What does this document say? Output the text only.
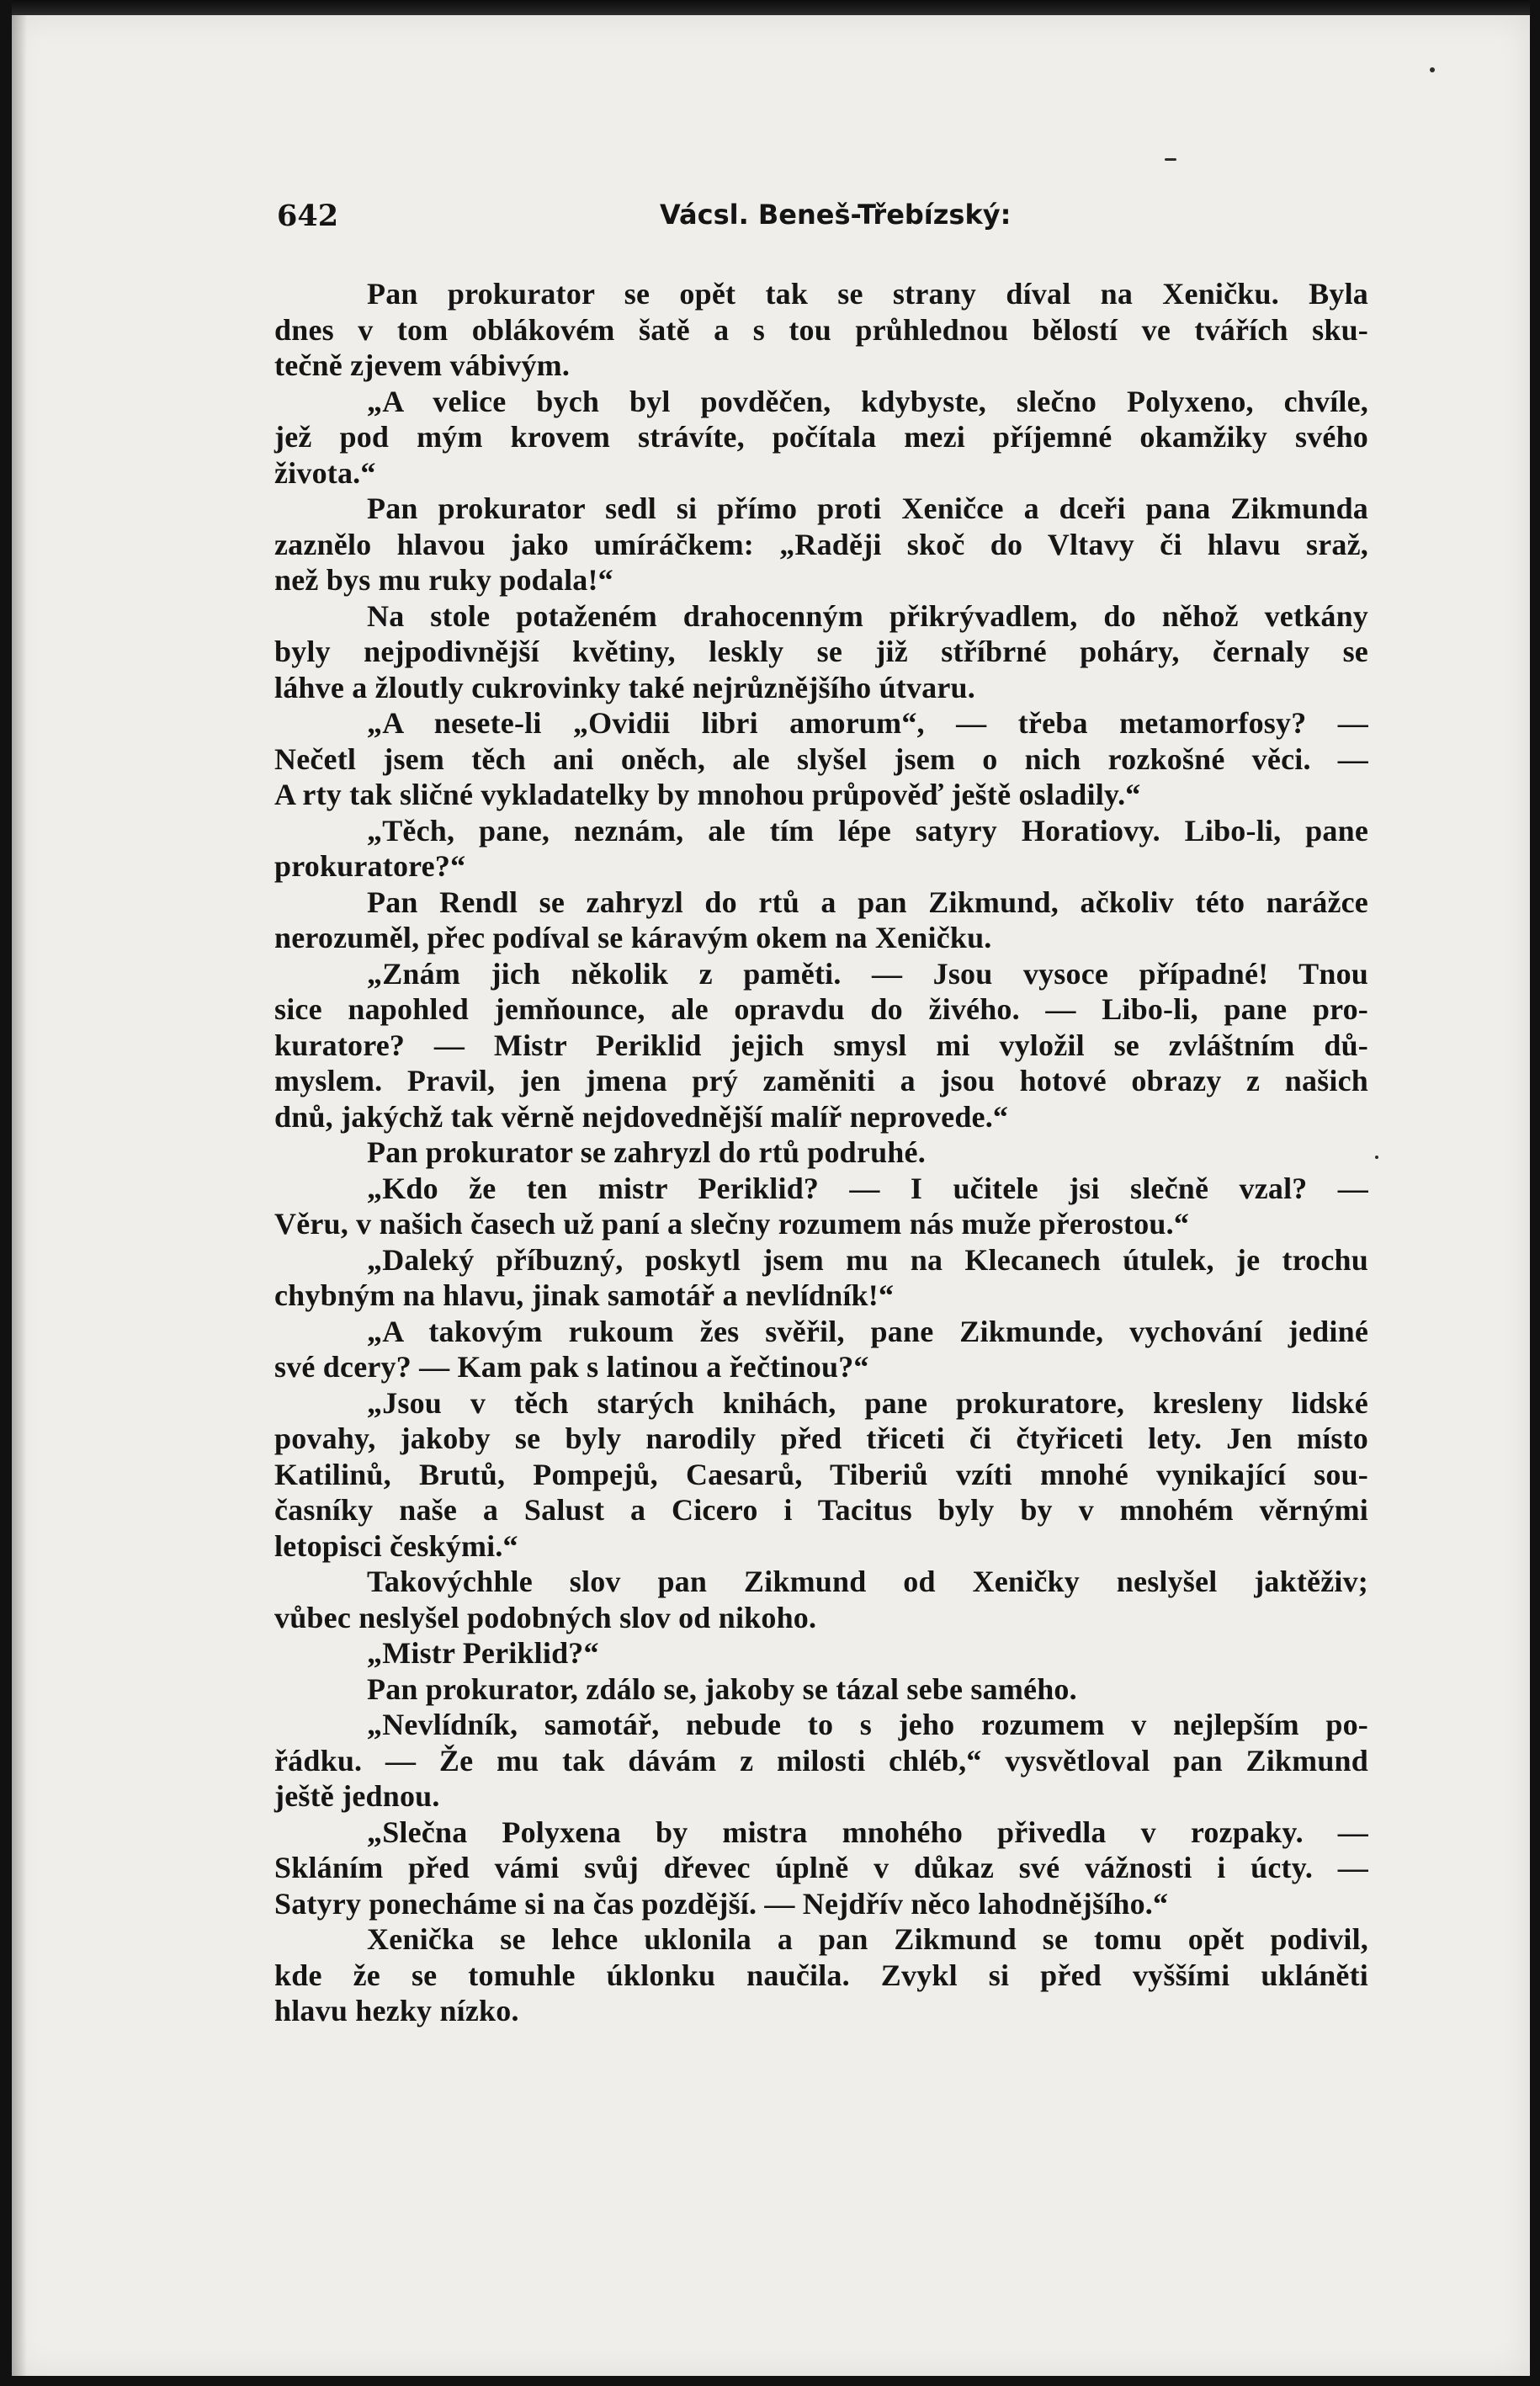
642	Vácsl. Beneš-Třebízský:
Pan prokurator se opět tak se strany díval na Xeničku. Byla
dnes v tom oblákovém šatě a s tou průhlednou bělostí ve tvářích sku-
tečně zjevem vábivým.
„A velice bych byl povděčen, kdybyste, slečno Polyxeno, chvíle,
jež pod mým krovem strávíte, počítala mezi příjemné okamžiky svého
života.“
Pan prokurator sedl si přímo proti Xeničce a dceři pana Zikmunda
zaznělo hlavou jako umíráčkem: „Raději skoč do Vltavy či hlavu sraž,
než bys mu ruky podala!“
Na stole potaženém drahocenným přikrývadlem, do něhož vetkány
byly nejpodivnější květiny, leskly se již stříbrné poháry, černaly se
láhve a žloutly cukrovinky také nejrůznějšího útvaru.
„A nesete-li „Ovidii libri amorum“, — třeba metamorfosy? —
Nečetl jsem těch ani oněch, ale slyšel jsem o nich rozkošné věci. —
A rty tak sličné vykladatelky by mnohou průpověď ještě osladily.“
„Těch, pane, neznám, ale tím lépe satyry Horatiovy. Libo-li, pane
prokuratore?“
Pan Rendl se zahryzl do rtů a pan Zikmund, ačkoliv této narážce
nerozuměl, přec podíval se káravým okem na Xeničku.
„Znám jich několik z paměti. — Jsou vysoce případné! Tnou
sice napohled jemňounce, ale opravdu do živého. — Libo-li, pane pro-
kuratore? — Mistr Periklid jejich smysl mi vyložil se zvláštním dů-
myslem. Pravil, jen jmena prý zaměniti a jsou hotové obrazy z našich
dnů, jakýchž tak věrně nejdovednější malíř neprovede.“
Pan prokurator se zahryzl do rtů podruhé.
„Kdo že ten mistr Periklid? — I učitele jsi slečně vzal? —
Věru, v našich časech už paní a slečny rozumem nás muže přerostou.“
„Daleký příbuzný, poskytl jsem mu na Klecanech útulek, je trochu
chybným na hlavu, jinak samotář a nevlídník!“
„A takovým rukoum žes svěřil, pane Zikmunde, vychování jediné
své dcery? — Kam pak s latinou a řečtinou?“
„Jsou v těch starých knihách, pane prokuratore, kresleny lidské
povahy, jakoby se byly narodily před třiceti či čtyřiceti lety. Jen místo
Katilinů, Brutů, Pompejů, Caesarů, Tiberiů vzíti mnohé vynikající sou-
časníky naše a Salust a Cicero i Tacitus byly by v mnohém věrnými
letopisci českými.“
Takovýchhle slov pan Zikmund od Xeničky neslyšel jaktěživ;
vůbec neslyšel podobných slov od nikoho.
„Mistr Periklid?“
Pan prokurator, zdálo se, jakoby se tázal sebe samého.
„Nevlídník, samotář, nebude to s jeho rozumem v nejlepším po-
řádku. — Že mu tak dávám z milosti chléb,“ vysvětloval pan Zikmund
ještě jednou.
„Slečna Polyxena by mistra mnohého přivedla v rozpaky. —
Skláním před vámi svůj dřevec úplně v důkaz své vážnosti i úcty. —
Satyry ponecháme si na čas pozdější. — Nejdřív něco lahodnějšího.“
Xenička se lehce uklonila a pan Zikmund se tomu opět podivil,
kde že se tomuhle úklonku naučila. Zvykl si před vyššími ukláněti
hlavu hezky nízko.
